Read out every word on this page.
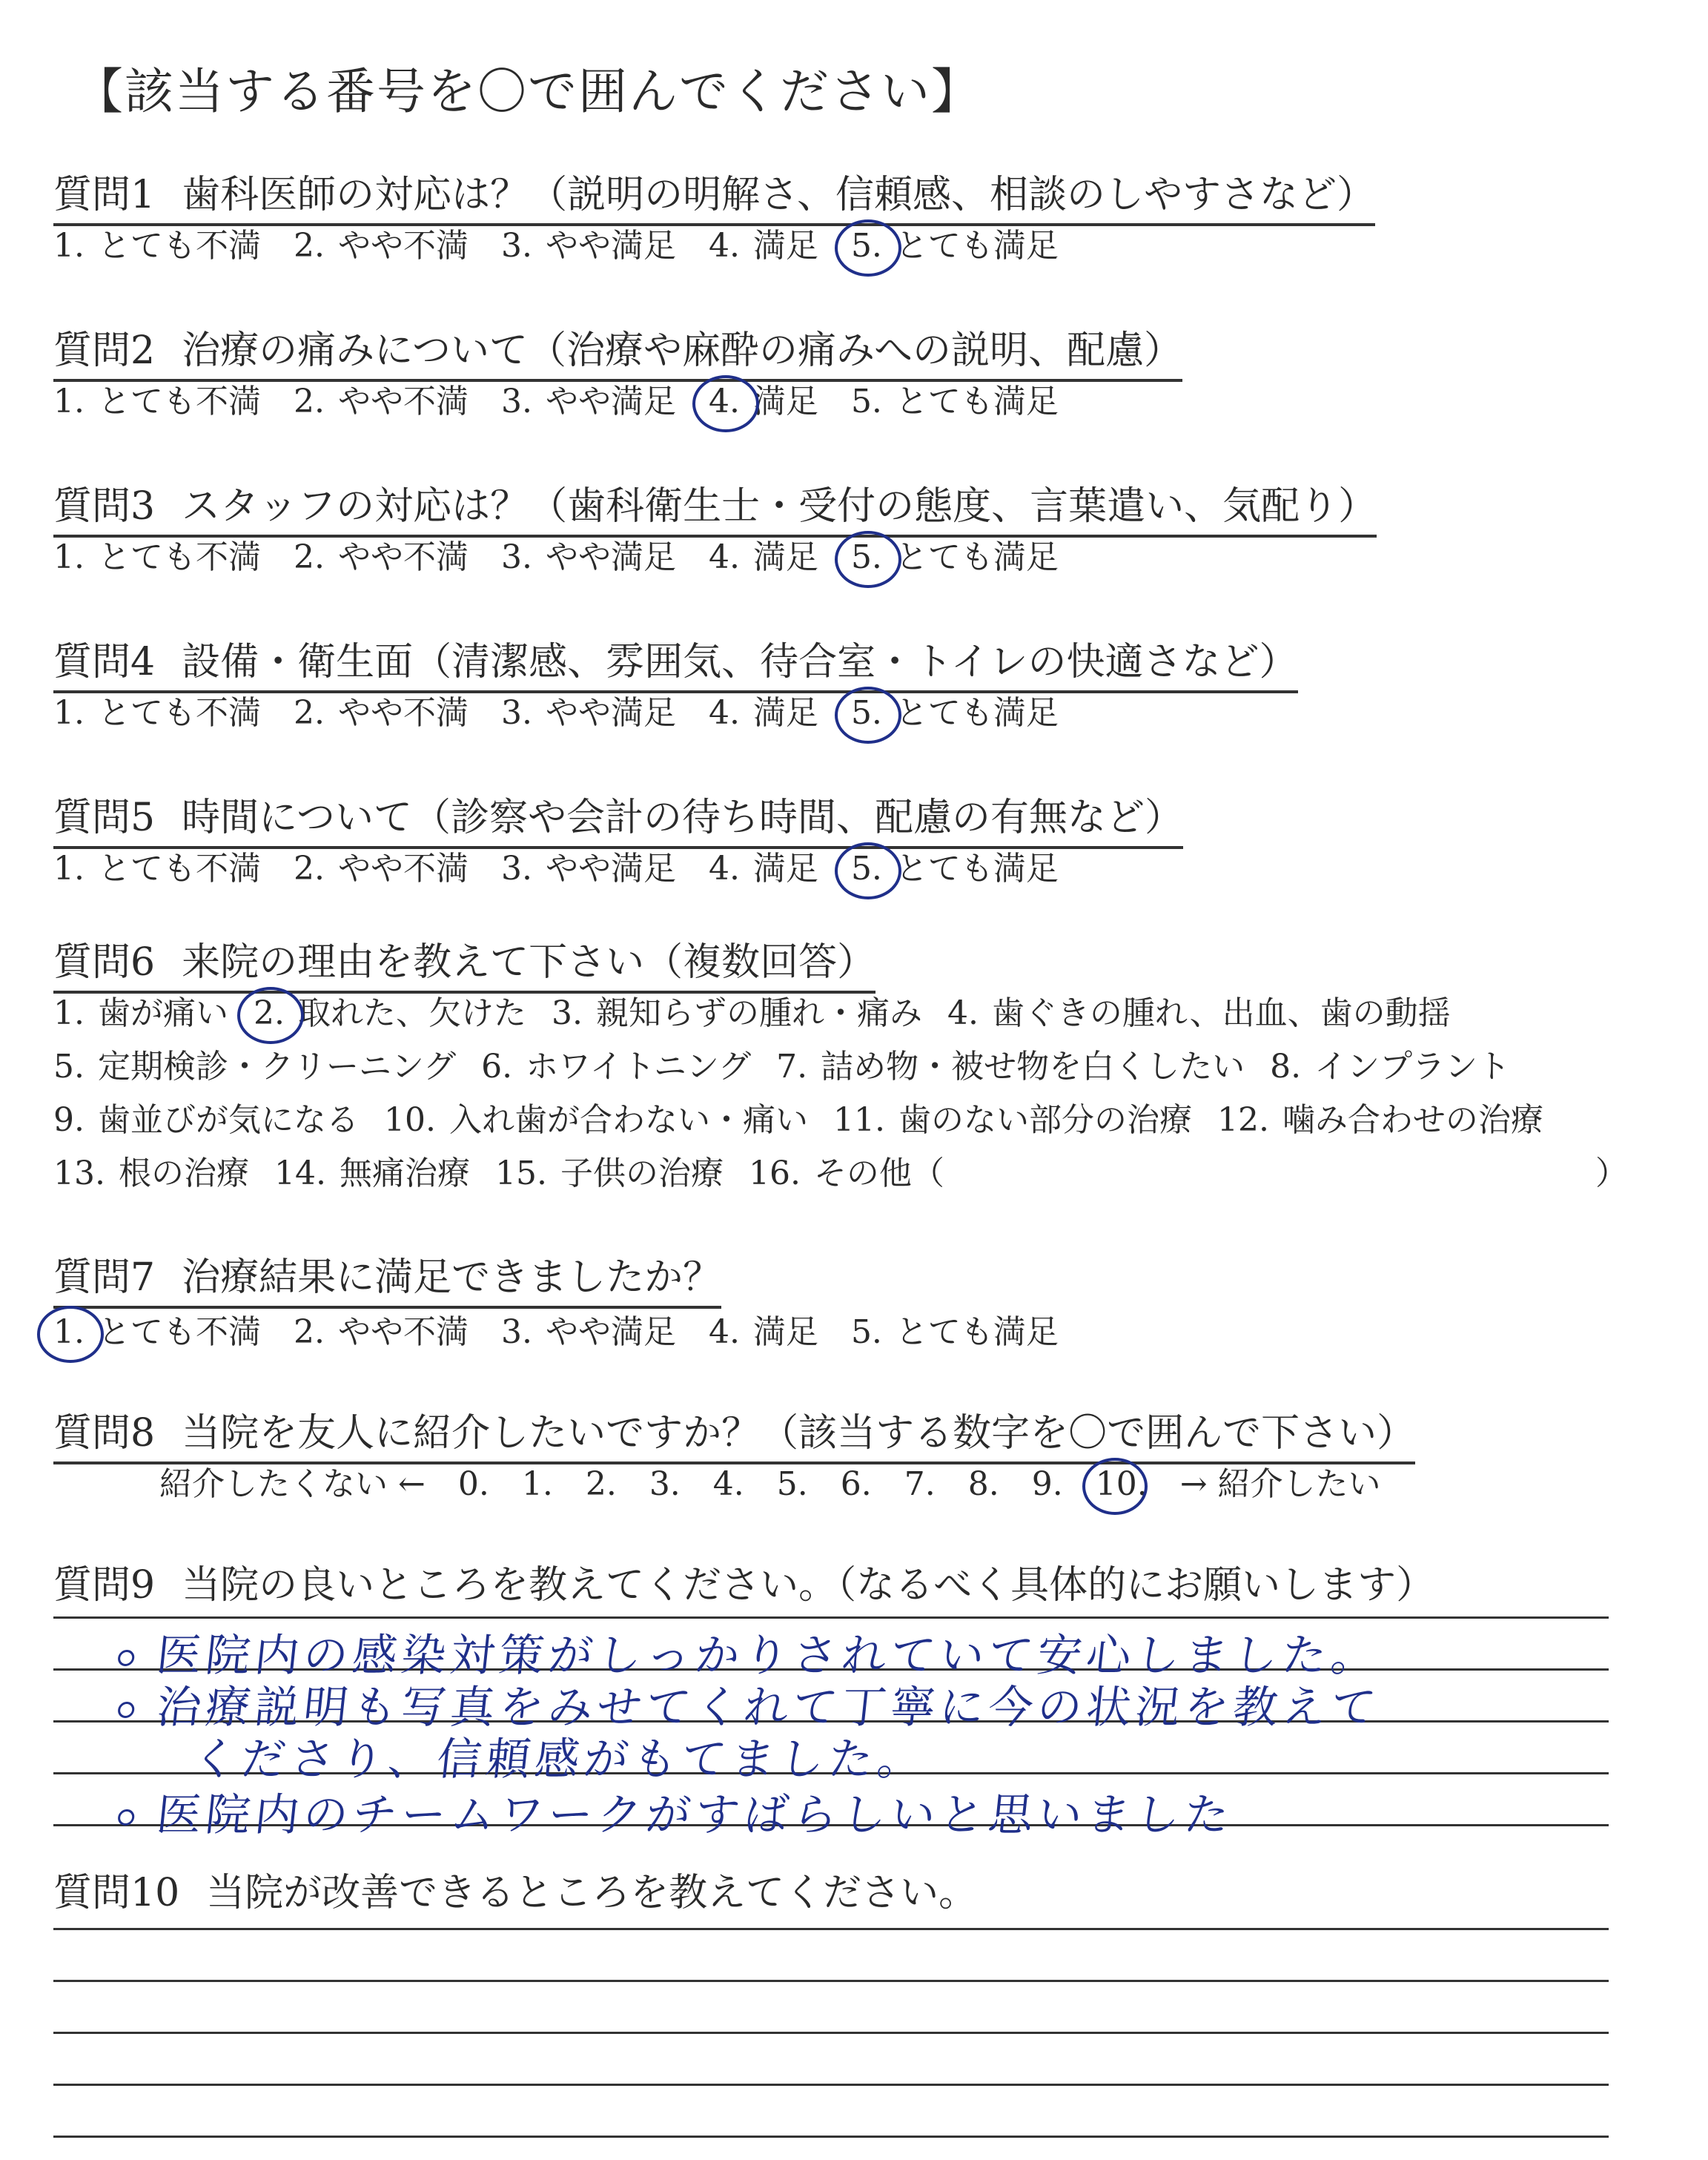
【該当する番号を〇で囲んでください】
質問1 歯科医師の対応は？（説明の明解さ、信頼感、相談のしやすさなど）
1. とても不満 2. やや不満 3. やや満足 4. 満足 5. とても満足
質問2 治療の痛みについて（治療や麻酔の痛みへの説明、配慮）
1. とても不満 2. やや不満 3. やや満足 4. 満足 5. とても満足
質問3 スタッフの対応は？（歯科衛生士・受付の態度、言葉遣い、気配り）
1. とても不満 2. やや不満 3. やや満足 4. 満足 5. とても満足
質問4 設備・衛生面（清潔感、雰囲気、待合室・トイレの快適さなど）
1. とても不満 2. やや不満 3. やや満足 4. 満足 5. とても満足
質問5 時間について（診察や会計の待ち時間、配慮の有無など）
1. とても不満 2. やや不満 3. やや満足 4. 満足 5. とても満足
質問6 来院の理由を教えて下さい（複数回答）
1. 歯が痛い 2. 取れた、欠けた 3. 親知らずの腫れ・痛み 4. 歯ぐきの腫れ、出血、歯の動揺
5. 定期検診・クリーニング 6. ホワイトニング 7. 詰め物・被せ物を白くしたい 8. インプラント
9. 歯並びが気になる 10. 入れ歯が合わない・痛い 11. 歯のない部分の治療 12. 噛み合わせの治療
13. 根の治療 14. 無痛治療 15. 子供の治療 16. その他（	）
質問7 治療結果に満足できましたか？
1. とても不満 2. やや不満 3. やや満足 4. 満足 5. とても満足
質問8 当院を友人に紹介したいですか？（該当する数字を〇で囲んで下さい）
紹介したくない ← 0. 1. 2. 3. 4. 5. 6. 7. 8. 9. 10. → 紹介したい
質問9 当院の良いところを教えてください。（なるべく具体的にお願いします）
医院内の感染対策がしっかりされていて安心しました。
治療説明も写真をみせてくれて丁寧に今の状況を教えて
くださり、信頼感がもてました。
医院内のチームワークがすばらしいと思いました
質問10 当院が改善できるところを教えてください。
